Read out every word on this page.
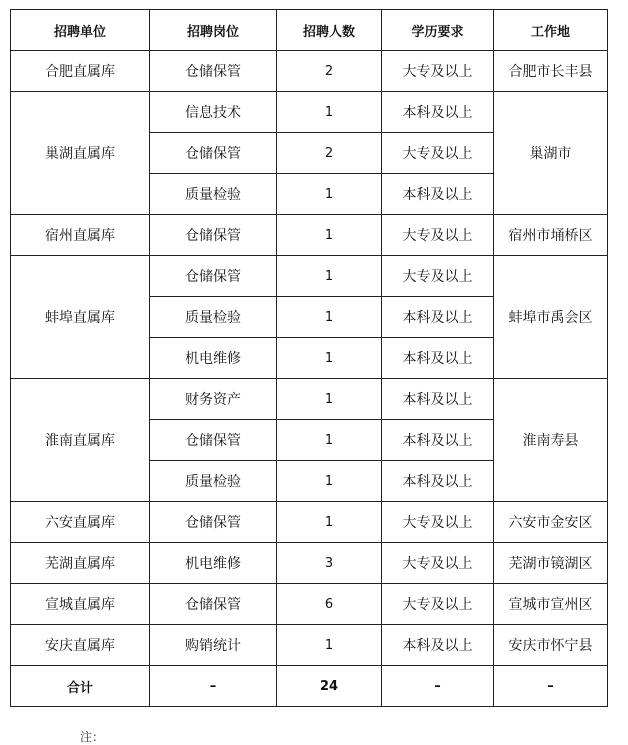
招聘单位	招聘岗位	招聘人数	学历要求	工作地
合肥直属库	仓储保管	2	大专及以上	合肥市长丰县
巢湖直属库	信息技术	1	本科及以上	巢湖市
	仓储保管	2	大专及以上	
	质量检验	1	本科及以上	
宿州直属库	仓储保管	1	大专及以上	宿州市埇桥区
蚌埠直属库	仓储保管	1	大专及以上	蚌埠市禹会区
	质量检验	1	本科及以上	
	机电维修	1	本科及以上	
淮南直属库	财务资产	1	本科及以上	淮南寿县
	仓储保管	1	本科及以上	
	质量检验	1	本科及以上	
六安直属库	仓储保管	1	大专及以上	六安市金安区
芜湖直属库	机电维修	3	大专及以上	芜湖市镜湖区
宣城直属库	仓储保管	6	大专及以上	宣城市宣州区
安庆直属库	购销统计	1	本科及以上	安庆市怀宁县
合计	–	24	–	–
注：
